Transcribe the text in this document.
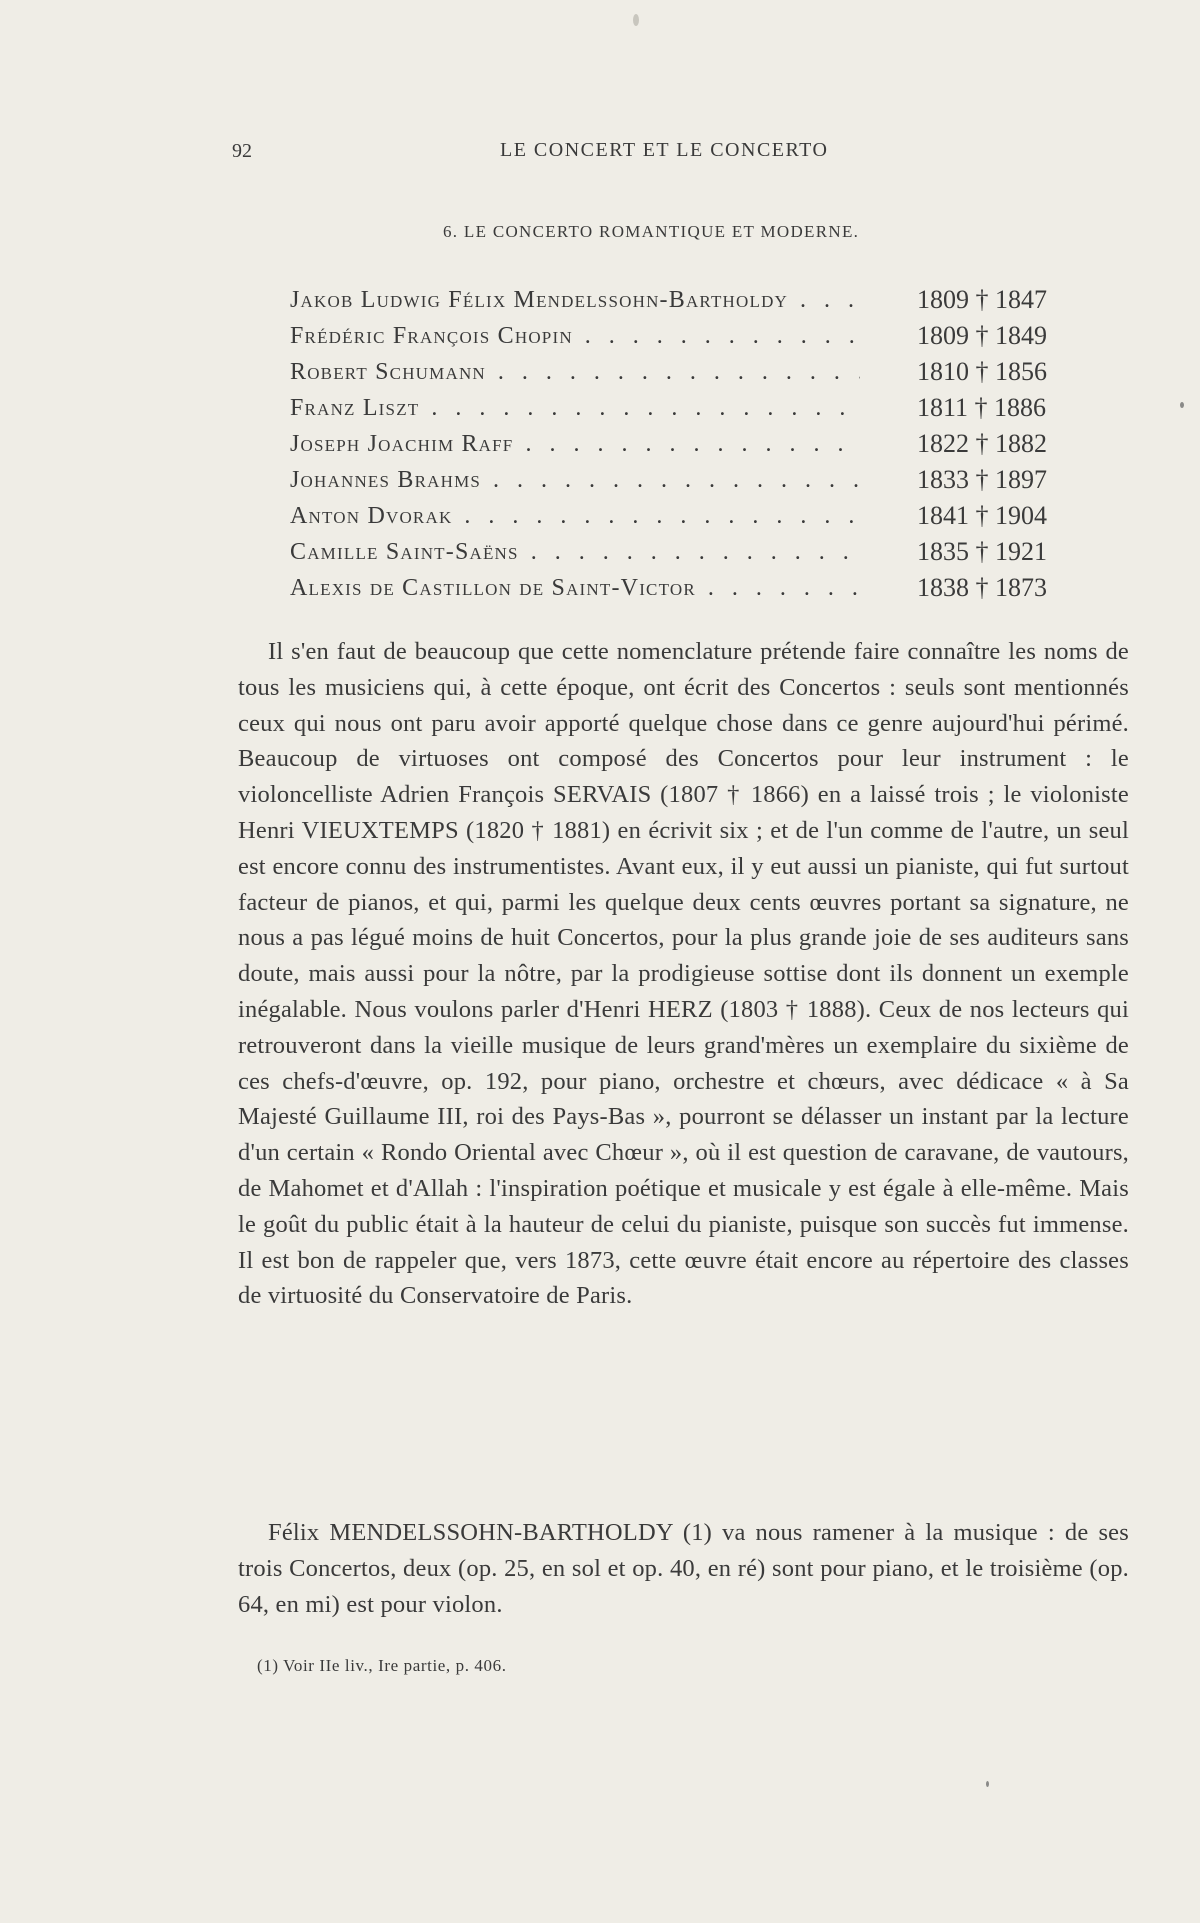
92	LE CONCERT ET LE CONCERTO
6. LE CONCERTO ROMANTIQUE ET MODERNE.
Jakob Ludwig Félix Mendelssohn-Bartholdy . . .	1809 † 1847
Frédéric François Chopin . . .	1809 † 1849
Robert Schumann . . .	1810 † 1856
Franz Liszt . . .	1811 † 1886
Joseph Joachim Raff . . .	1822 † 1882
Johannes Brahms . . .	1833 † 1897
Anton Dvorak . . .	1841 † 1904
Camille Saint-Saëns . . .	1835 † 1921
Alexis de Castillon de Saint-Victor . . .	1838 † 1873

Il s'en faut de beaucoup que cette nomenclature prétende faire connaître les noms de tous les musiciens qui, à cette époque, ont écrit des Concertos : seuls sont mentionnés ceux qui nous ont paru avoir apporté quelque chose dans ce genre aujourd'hui périmé. Beaucoup de virtuoses ont composé des Concertos pour leur instrument : le violoncelliste Adrien François SERVAIS (1807 † 1866) en a laissé trois ; le violoniste Henri VIEUXTEMPS (1820 † 1881) en écrivit six ; et de l'un comme de l'autre, un seul est encore connu des instrumentistes. Avant eux, il y eut aussi un pianiste, qui fut surtout facteur de pianos, et qui, parmi les quelque deux cents œuvres portant sa signature, ne nous a pas légué moins de huit Concertos, pour la plus grande joie de ses auditeurs sans doute, mais aussi pour la nôtre, par la prodigieuse sottise dont ils donnent un exemple inégalable. Nous voulons parler d'Henri HERZ (1803 † 1888). Ceux de nos lecteurs qui retrouveront dans la vieille musique de leurs grand'mères un exemplaire du sixième de ces chefs-d'œuvre, op. 192, pour piano, orchestre et chœurs, avec dédicace « à Sa Majesté Guillaume III, roi des Pays-Bas », pourront se délasser un instant par la lecture d'un certain « Rondo Oriental avec Chœur », où il est question de caravane, de vautours, de Mahomet et d'Allah : l'inspiration poétique et musicale y est égale à elle-même. Mais le goût du public était à la hauteur de celui du pianiste, puisque son succès fut immense. Il est bon de rappeler que, vers 1873, cette œuvre était encore au répertoire des classes de virtuosité du Conservatoire de Paris.

Félix MENDELSSOHN-BARTHOLDY (1) va nous ramener à la musique : de ses trois Concertos, deux (op. 25, en sol et op. 40, en ré) sont pour piano, et le troisième (op. 64, en mi) est pour violon.

(1) Voir IIe liv., Ire partie, p. 406.
